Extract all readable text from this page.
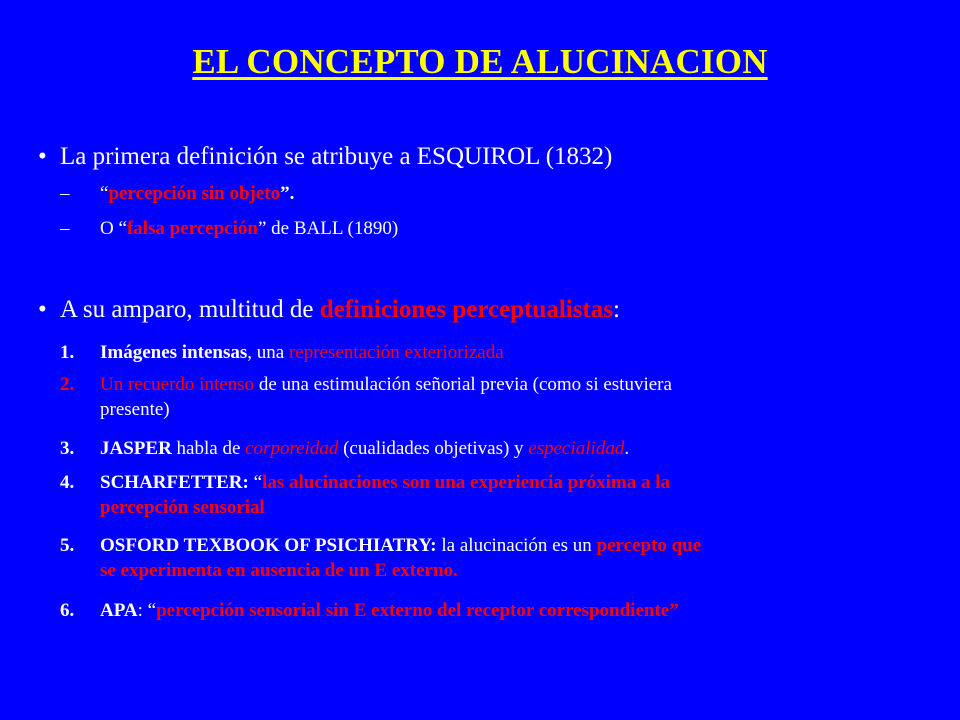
EL CONCEPTO DE ALUCINACION
• La primera definición se atribuye a ESQUIROL (1832)
– “percepción sin objeto”.
– O “falsa percepción” de BALL (1890)
• A su amparo, multitud de definiciones perceptualistas:
1.	Imágenes intensas, una representación exteriorizada
2.	Un recuerdo intenso de una estimulación señorial previa (como si estuviera
presente)
3.	JASPER habla de corporeidad (cualidades objetivas) y especialidad.
4.	SCHARFETTER: “las alucinaciones son una experiencia próxima a la
percepción sensorial
5.	OSFORD TEXBOOK OF PSICHIATRY: la alucinación es un percepto que
se experimenta en ausencia de un E externo.
6.	APA: “percepción sensorial sin E externo del receptor correspondiente”
